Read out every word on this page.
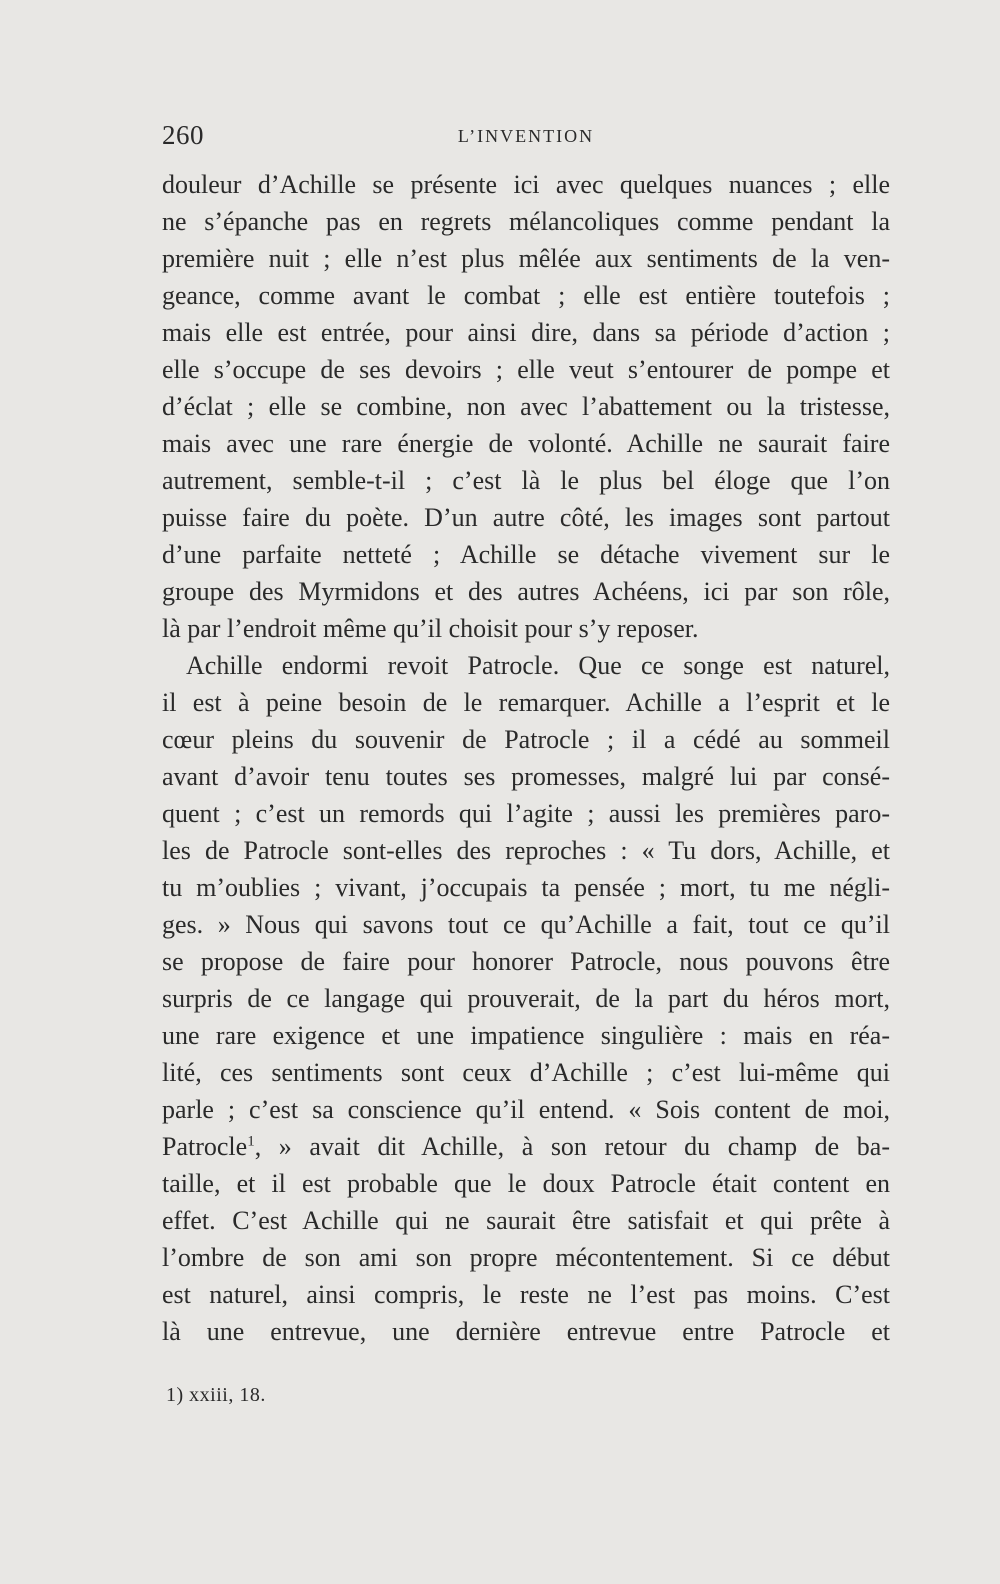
260	L’INVENTION
douleur d’Achille se présente ici avec quelques nuances ; elle
ne s’épanche pas en regrets mélancoliques comme pendant la
première nuit ; elle n’est plus mêlée aux sentiments de la ven-
geance, comme avant le combat ; elle est entière toutefois ;
mais elle est entrée, pour ainsi dire, dans sa période d’action ;
elle s’occupe de ses devoirs ; elle veut s’entourer de pompe et
d’éclat ; elle se combine, non avec l’abattement ou la tristesse,
mais avec une rare énergie de volonté. Achille ne saurait faire
autrement, semble-t-il ; c’est là le plus bel éloge que l’on
puisse faire du poète. D’un autre côté, les images sont partout
d’une parfaite netteté ; Achille se détache vivement sur le
groupe des Myrmidons et des autres Achéens, ici par son rôle,
là par l’endroit même qu’il choisit pour s’y reposer.
Achille endormi revoit Patrocle. Que ce songe est naturel,
il est à peine besoin de le remarquer. Achille a l’esprit et le
cœur pleins du souvenir de Patrocle ; il a cédé au sommeil
avant d’avoir tenu toutes ses promesses, malgré lui par consé-
quent ; c’est un remords qui l’agite ; aussi les premières paro-
les de Patrocle sont-elles des reproches : « Tu dors, Achille, et
tu m’oublies ; vivant, j’occupais ta pensée ; mort, tu me négli-
ges. » Nous qui savons tout ce qu’Achille a fait, tout ce qu’il
se propose de faire pour honorer Patrocle, nous pouvons être
surpris de ce langage qui prouverait, de la part du héros mort,
une rare exigence et une impatience singulière : mais en réa-
lité, ces sentiments sont ceux d’Achille ; c’est lui-même qui
parle ; c’est sa conscience qu’il entend. « Sois content de moi,
Patrocle$^1$, » avait dit Achille, à son retour du champ de ba-
taille, et il est probable que le doux Patrocle était content en
effet. C’est Achille qui ne saurait être satisfait et qui prête à
l’ombre de son ami son propre mécontentement. Si ce début
est naturel, ainsi compris, le reste ne l’est pas moins. C’est
là une entrevue, une dernière entrevue entre Patrocle et
1) xxiii, 18.
